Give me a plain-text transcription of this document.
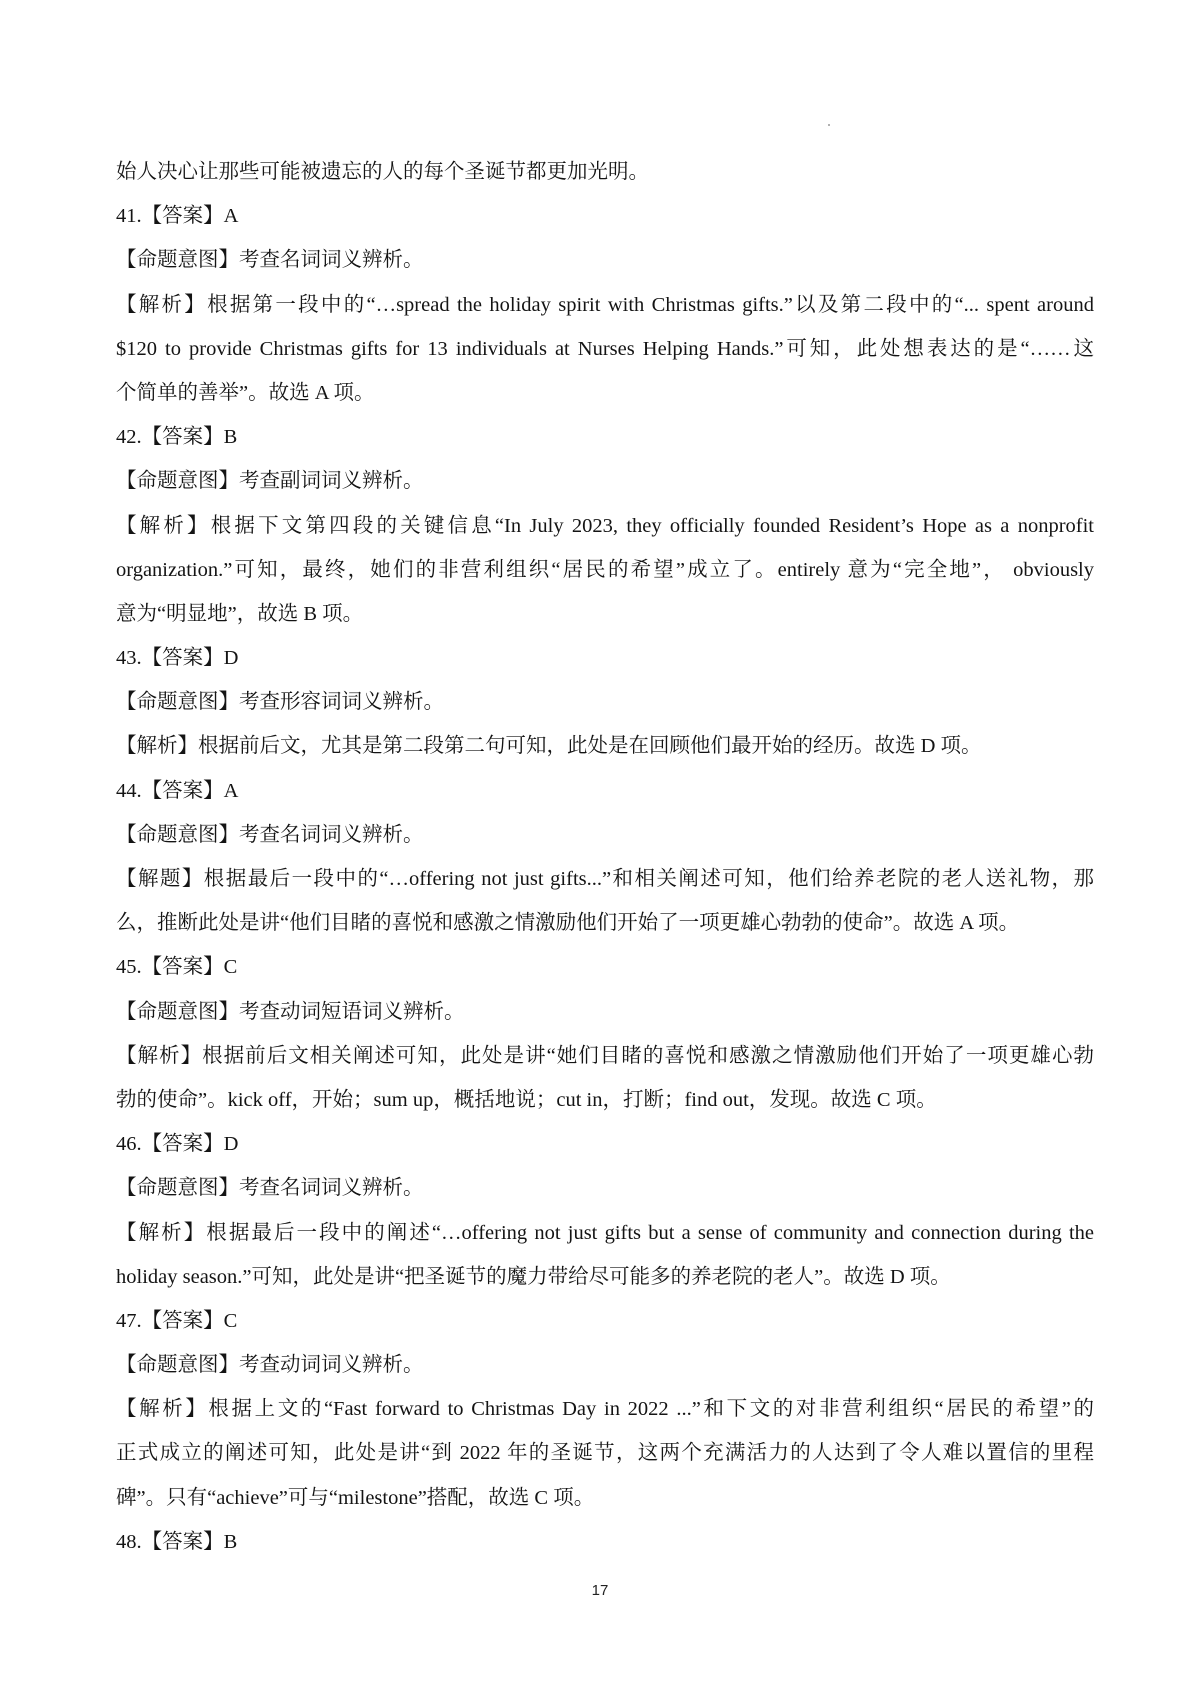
始人决心让那些可能被遗忘的人的每个圣诞节都更加光明。
41.【答案】A
【命题意图】考查名词词义辨析。
【解析】根据第一段中的“…spread the holiday spirit with Christmas gifts.”以及第二段中的“... spent around
$120 to provide Christmas gifts for 13 individuals at Nurses Helping Hands.”可知，此处想表达的是“……这
个简单的善举”。故选 A 项。
42.【答案】B
【命题意图】考查副词词义辨析。
【解析】根据下文第四段的关键信息“In July 2023, they officially founded Resident’s Hope as a nonprofit
organization.”可知，最终，她们的非营利组织“居民的希望”成立了。entirely 意为“完全地”， obviously
意为“明显地”，故选 B 项。
43.【答案】D
【命题意图】考查形容词词义辨析。
【解析】根据前后文，尤其是第二段第二句可知，此处是在回顾他们最开始的经历。故选 D 项。
44.【答案】A
【命题意图】考查名词词义辨析。
【解题】根据最后一段中的“…offering not just gifts...”和相关阐述可知，他们给养老院的老人送礼物，那
么，推断此处是讲“他们目睹的喜悦和感激之情激励他们开始了一项更雄心勃勃的使命”。故选 A 项。
45.【答案】C
【命题意图】考查动词短语词义辨析。
【解析】根据前后文相关阐述可知，此处是讲“她们目睹的喜悦和感激之情激励他们开始了一项更雄心勃
勃的使命”。kick off，开始；sum up，概括地说；cut in，打断；find out，发现。故选 C 项。
46.【答案】D
【命题意图】考查名词词义辨析。
【解析】根据最后一段中的阐述“…offering not just gifts but a sense of community and connection during the
holiday season.”可知，此处是讲“把圣诞节的魔力带给尽可能多的养老院的老人”。故选 D 项。
47.【答案】C
【命题意图】考查动词词义辨析。
【解析】根据上文的“Fast forward to Christmas Day in 2022 ...”和下文的对非营利组织“居民的希望”的
正式成立的阐述可知，此处是讲“到 2022 年的圣诞节，这两个充满活力的人达到了令人难以置信的里程
碑”。只有“achieve”可与“milestone”搭配，故选 C 项。
48.【答案】B
17
